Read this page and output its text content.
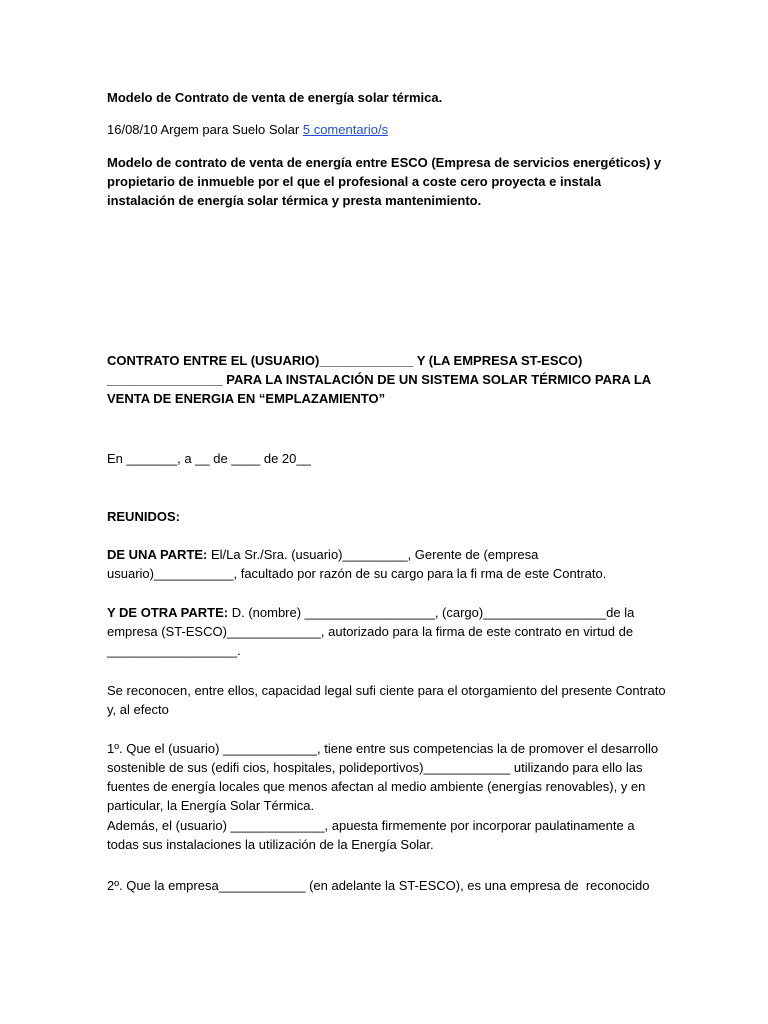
Modelo de Contrato de venta de energía solar térmica.

16/08/10 Argem para Suelo Solar 5 comentario/s

Modelo de contrato de venta de energía entre ESCO (Empresa de servicios energéticos) y propietario de inmueble por el que el profesional a coste cero proyecta e instala instalación de energía solar térmica y presta mantenimiento.

CONTRATO ENTRE EL (USUARIO)_____________ Y (LA EMPRESA ST-ESCO) ________________ PARA LA INSTALACIÓN DE UN SISTEMA SOLAR TÉRMICO PARA LA VENTA DE ENERGIA EN “EMPLAZAMIENTO”

En _______, a __ de ____ de 20__

REUNIDOS:

DE UNA PARTE: El/La Sr./Sra. (usuario)_________, Gerente de (empresa usuario)___________, facultado por razón de su cargo para la fi rma de este Contrato.

Y DE OTRA PARTE: D. (nombre) __________________, (cargo)_________________de la empresa (ST-ESCO)_____________, autorizado para la firma de este contrato en virtud de __________________.

Se reconocen, entre ellos, capacidad legal sufi ciente para el otorgamiento del presente Contrato y, al efecto

1º. Que el (usuario) _____________, tiene entre sus competencias la de promover el desarrollo sostenible de sus (edifi cios, hospitales, polideportivos)____________ utilizando para ello las fuentes de energía locales que menos afectan al medio ambiente (energías renovables), y en particular, la Energía Solar Térmica.

Además, el (usuario) _____________, apuesta firmemente por incorporar paulatinamente a todas sus instalaciones la utilización de la Energía Solar.

2º. Que la empresa____________ (en adelante la ST-ESCO), es una empresa de  reconocido
